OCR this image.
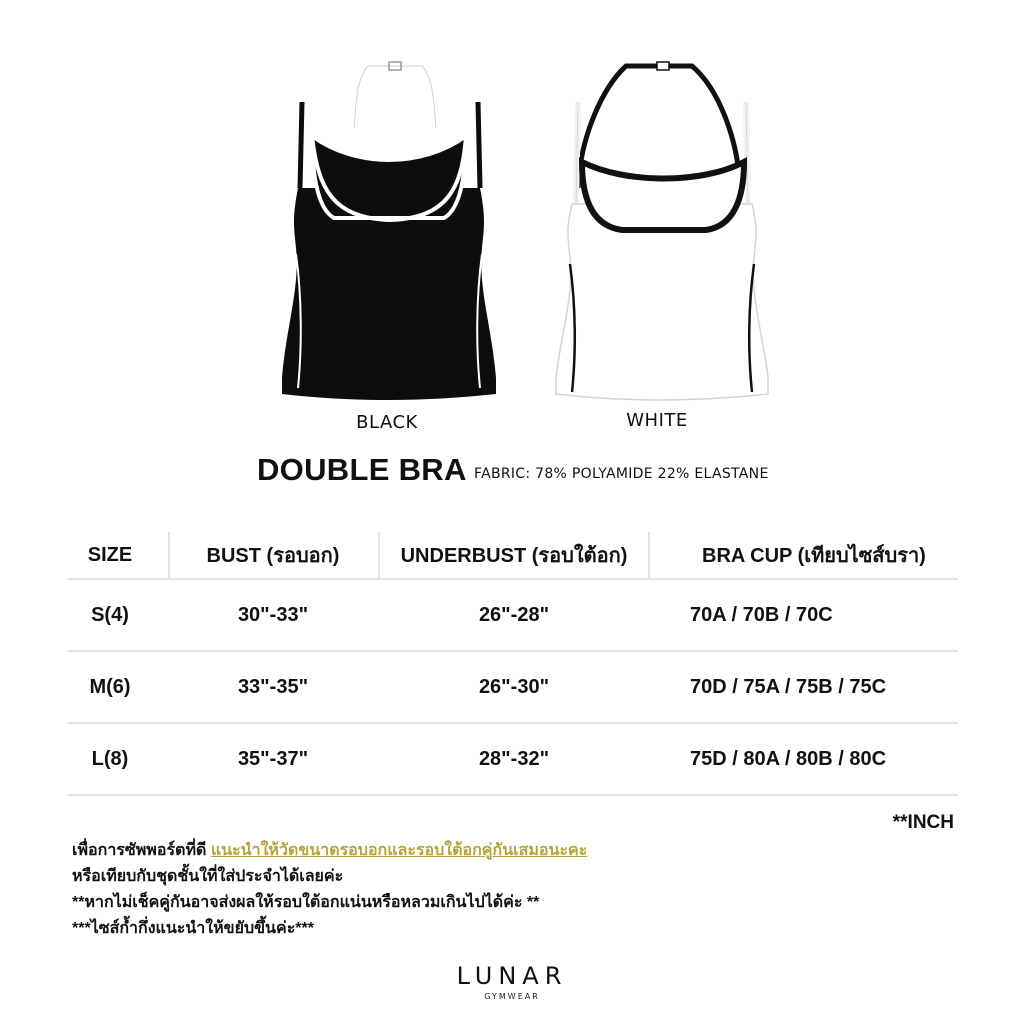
BLACK	WHITE
DOUBLE BRA FABRIC: 78% POLYAMIDE 22% ELASTANE
SIZE	BUST (รอบอก)	UNDERBUST (รอบใต้อก)	BRA CUP (เทียบไซส์บรา)
S(4)	30"-33"	26"-28"	70A / 70B / 70C
M(6)	33"-35"	26"-30"	70D / 75A / 75B / 75C
L(8)	35"-37"	28"-32"	75D / 80A / 80B / 80C
**INCH
เพื่อการซัพพอร์ตที่ดี แนะนำให้วัดขนาดรอบอกและรอบใต้อกคู่กันเสมอนะคะ
หรือเทียบกับชุดชั้นใที่ใส่ประจำได้เลยค่ะ
**หากไม่เช็คคู่กันอาจส่งผลให้รอบใต้อกแน่นหรือหลวมเกินไปได้ค่ะ **
***ไซส์ก้ำกึ่งแนะนำให้ขยับขึ้นค่ะ***
LUNAR
GYMWEAR
